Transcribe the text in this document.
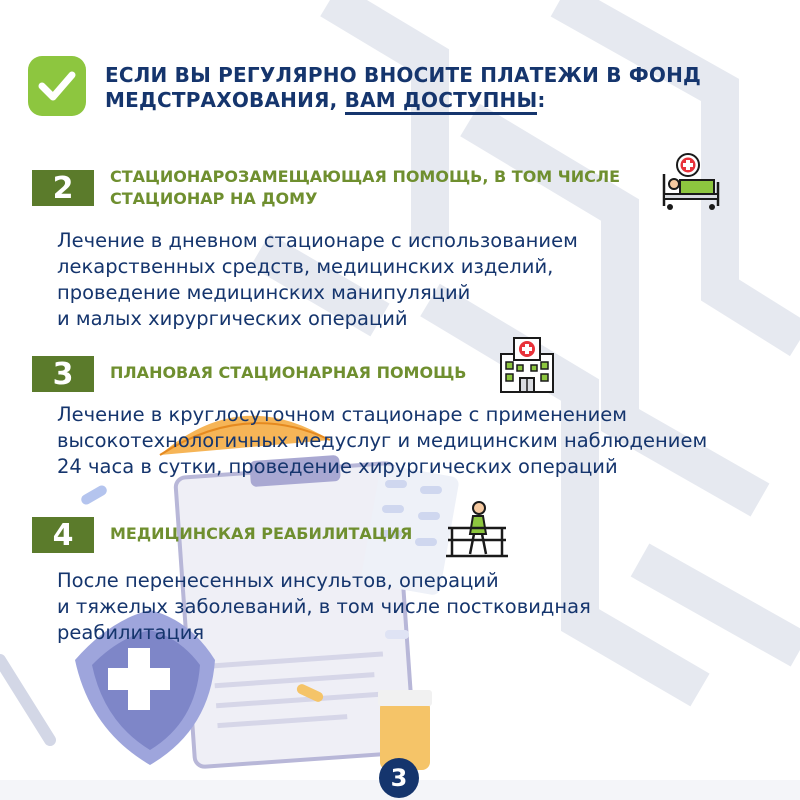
ЕСЛИ ВЫ РЕГУЛЯРНО ВНОСИТЕ ПЛАТЕЖИ В ФОНД
МЕДСТРАХОВАНИЯ, ВАМ ДОСТУПНЫ:
2	СТАЦИОНАРОЗАМЕЩАЮЩАЯ ПОМОЩЬ, В ТОМ ЧИСЛЕ
СТАЦИОНАР НА ДОМУ
Лечение в дневном стационаре с использованием
лекарственных средств, медицинских изделий,
проведение медицинских манипуляций
и малых хирургических операций
3	ПЛАНОВАЯ СТАЦИОНАРНАЯ ПОМОЩЬ
Лечение в круглосуточном стационаре с применением
высокотехнологичных медуслуг и медицинским наблюдением
24 часа в сутки, проведение хирургических операций
4	МЕДИЦИНСКАЯ РЕАБИЛИТАЦИЯ
После перенесенных инсультов, операций
и тяжелых заболеваний, в том числе постковидная
реабилитация
3
